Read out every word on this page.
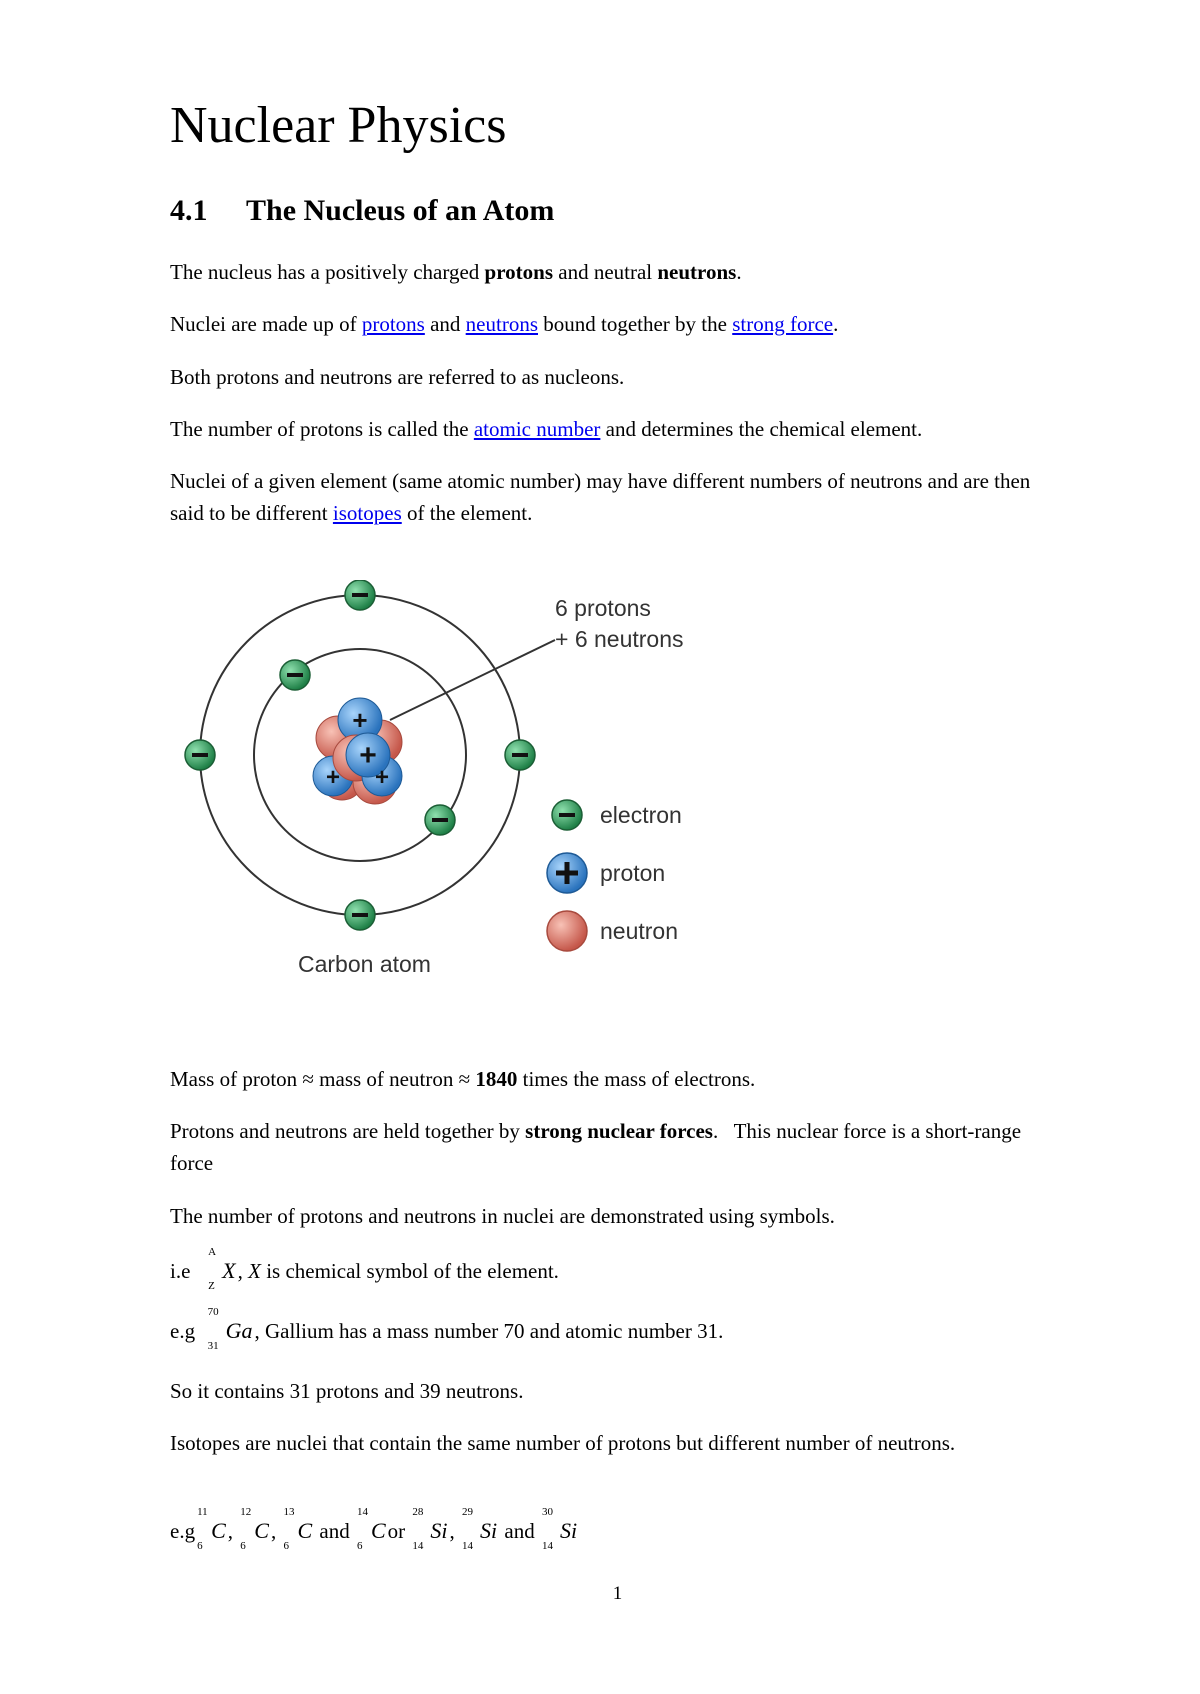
Nuclear Physics
4.1 The Nucleus of an Atom

The nucleus has a positively charged protons and neutral neutrons.

Nuclei are made up of protons and neutrons bound together by the strong force.

Both protons and neutrons are referred to as nucleons.

The number of protons is called the atomic number and determines the chemical element.

Nuclei of a given element (same atomic number) may have different numbers of neutrons and are then said to be different isotopes of the element.

+
+
+ +
6 protons
+ 6 neutrons
electron
proton
neutron
Carbon atom

Mass of proton ≈ mass of neutron ≈ 1840 times the mass of electrons.

Protons and neutrons are held together by strong nuclear forces.   This nuclear force is a short-range force

The number of protons and neutrons in nuclei are demonstrated using symbols.

i.e
A
Z
X, X is chemical symbol of the element.

e.g
70
31
Ga, Gallium has a mass number 70 and atomic number 31.

So it contains 31 protons and 39 neutrons.

Isotopes are nuclei that contain the same number of protons but different number of neutrons.

e.g
11
6
C,
12
6
C,
13
6
C and
14
6
Cor
28
14
Si,
29
14
Si and
30
14
Si

1
